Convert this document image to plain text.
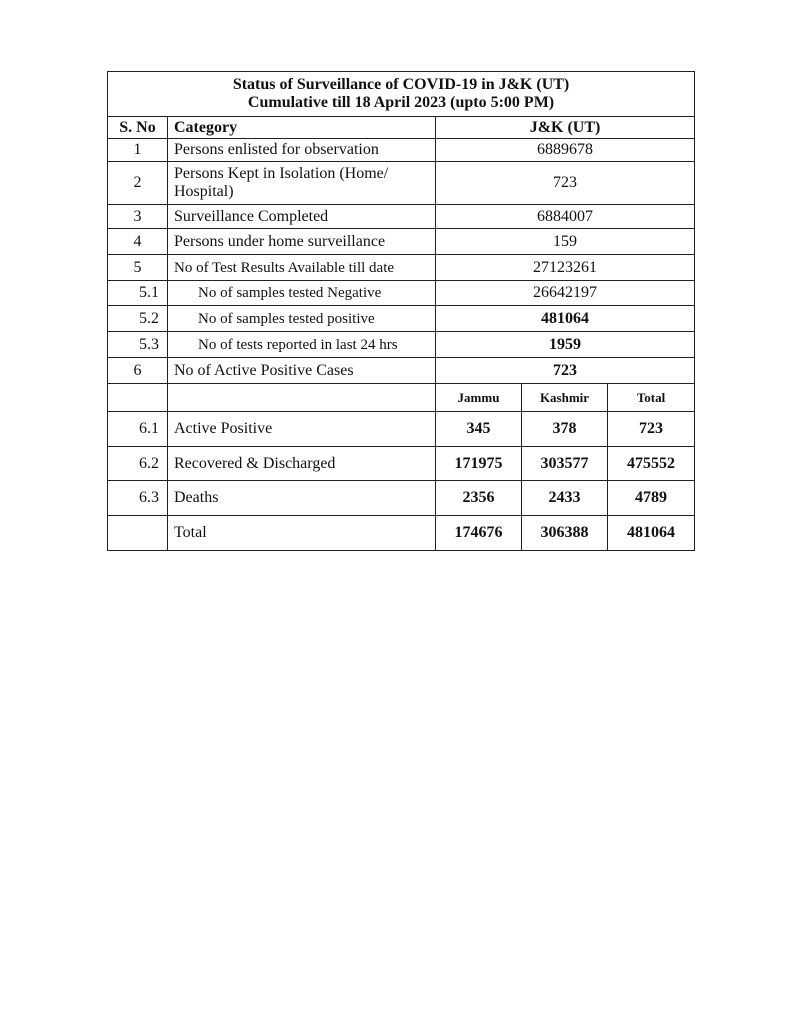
Status of Surveillance of COVID-19 in J&K (UT)
Cumulative till 18 April 2023 (upto 5:00 PM)				

S. No	Category	J&K (UT)		
1	Persons enlisted for observation	6889678		
2	Persons Kept in Isolation (Home/ Hospital)	723		
3	Surveillance Completed	6884007		
4	Persons under home surveillance	159		
5	No of Test Results Available till date	27123261		
5.1	No of samples tested Negative	26642197		
5.2	No of samples tested positive	481064		
5.3	No of tests reported in last 24 hrs	1959		
6	No of Active Positive Cases	723		
		Jammu	Kashmir	Total
6.1	Active Positive	345	378	723
6.2	Recovered & Discharged	171975	303577	475552
6.3	Deaths	2356	2433	4789
	Total	174676	306388	481064
